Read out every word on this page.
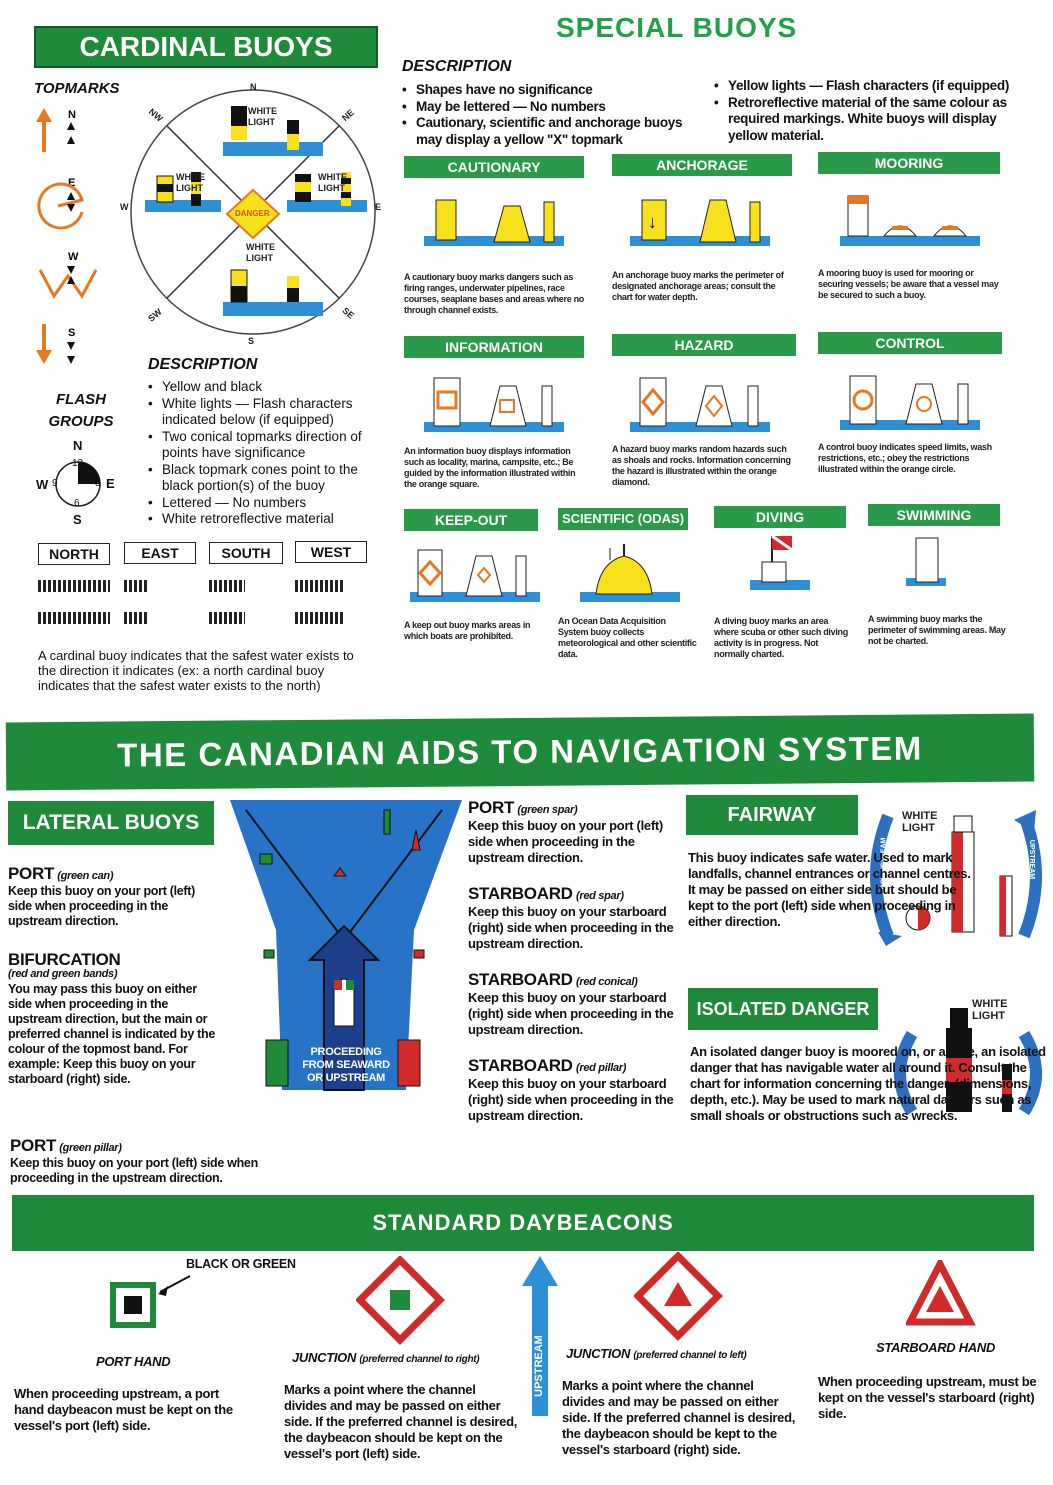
CARDINAL BUOYS
TOPMARKS
N
E
W
S
N
NW	NE
W	E
SW	SE
S
WHITE LIGHT
WHITE LIGHT
WHITE LIGHT
WHITE LIGHT
DANGER
DESCRIPTION
• Yellow and black
• White lights — Flash characters indicated below (if equipped)
• Two conical topmarks direction of points have significance
• Black topmark cones point to the black portion(s) of the buoy
• Lettered — No numbers
• White retroreflective material
FLASH GROUPS
N
12
W 9	3 E
6
S
NORTH	EAST	SOUTH	WEST
A cardinal buoy indicates that the safest water exists to the direction it indicates (ex: a north cardinal buoy indicates that the safest water exists to the north)
SPECIAL BUOYS
DESCRIPTION
• Shapes have no significance
• May be lettered — No numbers
• Cautionary, scientific and anchorage buoys may display a yellow "X" topmark
• Yellow lights — Flash characters (if equipped)
• Retroreflective material of the same colour as required markings. White buoys will display yellow material.
CAUTIONARY	ANCHORAGE	MOORING
↓
A cautionary buoy marks dangers such as firing ranges, underwater pipelines, race courses, seaplane bases and areas where no through channel exists.
An anchorage buoy marks the perimeter of designated anchorage areas; consult the chart for water depth.
A mooring buoy is used for mooring or securing vessels; be aware that a vessel may be secured to such a buoy.
INFORMATION	HAZARD	CONTROL
An information buoy displays information such as locality, marina, campsite, etc.; Be guided by the information illustrated within the orange square.
A hazard buoy marks random hazards such as shoals and rocks. Information concerning the hazard is illustrated within the orange diamond.
A control buoy indicates speed limits, wash restrictions, etc.; obey the restrictions illustrated within the orange circle.
KEEP-OUT	SCIENTIFIC (ODAS)	DIVING	SWIMMING
A keep out buoy marks areas in which boats are prohibited.
An Ocean Data Acquisition System buoy collects meteorological and other scientific data.
A diving buoy marks an area where scuba or other such diving activity is in progress. Not normally charted.
A swimming buoy marks the perimeter of swimming areas. May not be charted.
THE CANADIAN AIDS TO NAVIGATION SYSTEM
LATERAL BUOYS
PORT (green can)
Keep this buoy on your port (left) side when proceeding in the upstream direction.
BIFURCATION
(red and green bands)
You may pass this buoy on either side when proceeding in the upstream direction, but the main or preferred channel is indicated by the colour of the topmost band. For example: Keep this buoy on your starboard (right) side.
PORT (green pillar)
Keep this buoy on your port (left) side when proceeding in the upstream direction.
PROCEEDING FROM SEAWARD OR UPSTREAM
PORT (green spar)
Keep this buoy on your port (left) side when proceeding in the upstream direction.
STARBOARD (red spar)
Keep this buoy on your starboard (right) side when proceeding in the upstream direction.
STARBOARD (red conical)
Keep this buoy on your starboard (right) side when proceeding in the upstream direction.
STARBOARD (red pillar)
Keep this buoy on your starboard (right) side when proceeding in the upstream direction.
FAIRWAY	WHITE LIGHT
DOWNSTREAM	UPSTREAM
This buoy indicates safe water. Used to mark landfalls, channel entrances or channel centres. It may be passed on either side but should be kept to the port (left) side when proceeding in either direction.
ISOLATED DANGER	WHITE LIGHT
An isolated danger buoy is moored on, or above, an isolated danger that has navigable water all around it. Consult the chart for information concerning the danger, (dimensions, depth, etc.). May be used to mark natural dangers such as small shoals or obstructions such as wrecks.
STANDARD DAYBEACONS
BLACK OR GREEN
UPSTREAM
PORT HAND
When proceeding upstream, a port hand daybeacon must be kept on the vessel's port (left) side.
JUNCTION (preferred channel to right)
Marks a point where the channel divides and may be passed on either side. If the preferred channel is desired, the daybeacon should be kept on the vessel's port (left) side.
JUNCTION (preferred channel to left)
Marks a point where the channel divides and may be passed on either side. If the preferred channel is desired, the daybeacon should be kept to the vessel's starboard (right) side.
STARBOARD HAND
When proceeding upstream, must be kept on the vessel's starboard (right) side.
